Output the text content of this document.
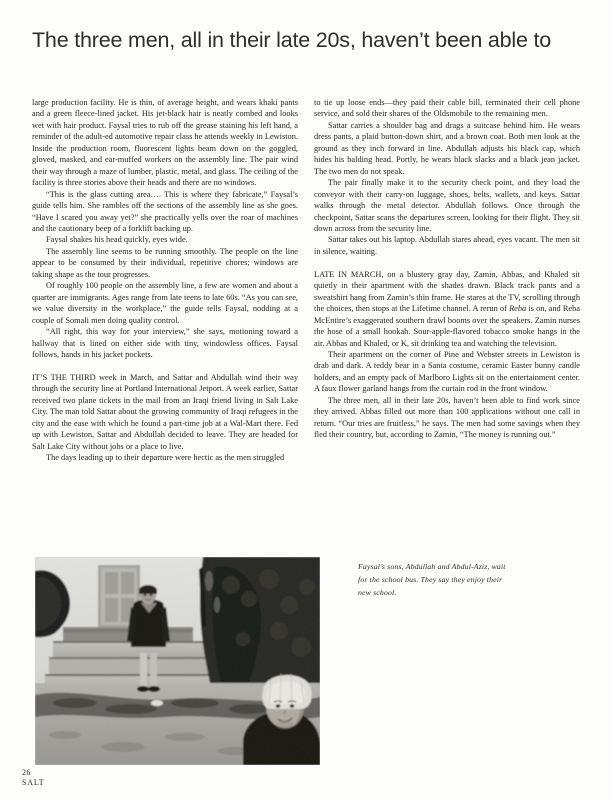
The three men, all in their late 20s, haven’t been able to

large production facility. He is thin, of average height, and wears khaki pants and a green fleece-lined jacket. His jet-black hair is neatly combed and looks wet with hair product. Faysal tries to rub off the grease staining his left hand, a reminder of the adult-ed automotive repair class he attends weekly in Lewiston. Inside the production room, fluorescent lights beam down on the goggled, gloved, masked, and ear-muffed workers on the assembly line. The pair wind their way through a maze of lumber, plastic, metal, and glass. The ceiling of the facility is three stories above their heads and there are no windows.

“This is the glass cutting area…. This is where they fabricate,” Faysal’s guide tells him. She rambles off the sections of the assembly line as she goes. “Have I scared you away yet?” she practically yells over the roar of machines and the cautionary beep of a forklift backing up.

Faysal shakes his head quickly, eyes wide.

The assembly line seems to be running smoothly. The people on the line appear to be consumed by their individual, repetitive chores; windows are taking shape as the tour progresses.

Of roughly 100 people on the assembly line, a few are women and about a quarter are immigrants. Ages range from late teens to late 60s. “As you can see, we value diversity in the workplace,” the guide tells Faysal, nodding at a couple of Somali men doing quality control.

“All right, this way for your interview,” she says, motioning toward a hallway that is lined on either side with tiny, windowless offices. Faysal follows, hands in his jacket pockets.

IT’S THE THIRD week in March, and Sattar and Abdullah wind their way through the security line at Portland International Jetport. A week earlier, Sattar received two plane tickets in the mail from an Iraqi friend living in Salt Lake City. The man told Sattar about the growing community of Iraqi refugees in the city and the ease with which he found a part-time job at a Wal-Mart there. Fed up with Lewiston, Sattar and Abdullah decided to leave. They are headed for Salt Lake City without jobs or a place to live.

The days leading up to their departure were hectic as the men struggled

to tie up loose ends—they paid their cable bill, terminated their cell phone service, and sold their shares of the Oldsmobile to the remaining men.

Sattar carries a shoulder bag and drags a suitcase behind him. He wears dress pants, a plaid button-down shirt, and a brown coat. Both men look at the ground as they inch forward in line. Abdullah adjusts his black cap, which hides his balding head. Portly, he wears black slacks and a black jean jacket. The two men do not speak.

The pair finally make it to the security check point, and they load the conveyor with their carry-on luggage, shoes, belts, wallets, and keys. Sattar walks through the metal detector. Abdullah follows. Once through the checkpoint, Sattar scans the departures screen, looking for their flight. They sit down across from the security line.

Sattar takes out his laptop. Abdullah stares ahead, eyes vacant. The men sit in silence, waiting.

LATE IN MARCH, on a blustery gray day, Zamin, Abbas, and Khaled sit quietly in their apartment with the shades drawn. Black track pants and a sweatshirt hang from Zamin’s thin frame. He stares at the TV, scrolling through the choices, then stops at the Lifetime channel. A rerun of Reba is on, and Reba McEntire’s exaggerated southern drawl booms over the speakers. Zamin nurses the hose of a small hookah. Sour-apple-flavored tobacco smoke hangs in the air. Abbas and Khaled, or K, sit drinking tea and watching the television.

Their apartment on the corner of Pine and Webster streets in Lewiston is drab and dark. A teddy bear in a Santa costume, ceramic Easter bunny candle holders, and an empty pack of Marlboro Lights sit on the entertainment center. A faux flower garland hangs from the curtain rod in the front window.

The three men, all in their late 20s, haven’t been able to find work since they arrived. Abbas filled out more than 100 applications without one call in return. “Our tries are fruitless,” he says. The men had some savings when they fled their country, but, according to Zamin, “The money is running out.”

Faysal’s sons, Abdullah and Abdul-Aziz, wait for the school bus. They say they enjoy their new school.
26
SALT
